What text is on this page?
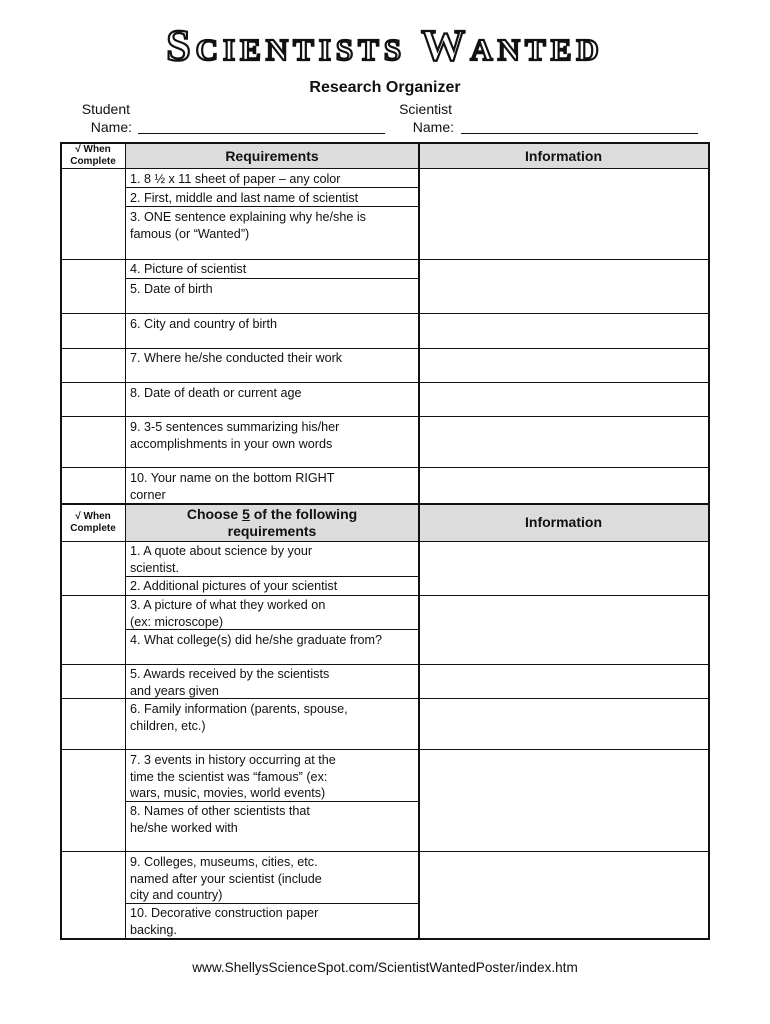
Scientists Wanted
Research Organizer
Student
Name:
Scientist
Name:
√ When
Complete	Requirements	Information
1. 8 ½ x 11 sheet of paper – any color
2. First, middle and last name of scientist
3. ONE sentence explaining why he/she is
famous (or “Wanted”)
4. Picture of scientist
5. Date of birth
6. City and country of birth
7. Where he/she conducted their work
8. Date of death or current age
9. 3-5 sentences summarizing his/her
accomplishments in your own words
10. Your name on the bottom RIGHT
corner
√ When
Complete
Choose 5 of the following
requirements
Information
1. A quote about science by your
scientist.
2. Additional pictures of your scientist
3. A picture of what they worked on
(ex: microscope)
4. What college(s) did he/she graduate from?
5. Awards received by the scientists
and years given
6. Family information (parents, spouse,
children, etc.)
7. 3 events in history occurring at the
time the scientist was “famous” (ex:
wars, music, movies, world events)
8. Names of other scientists that
he/she worked with
9. Colleges, museums, cities, etc.
named after your scientist (include
city and country)
10. Decorative construction paper
backing.
www.ShellysScienceSpot.com/ScientistWantedPoster/index.htm
